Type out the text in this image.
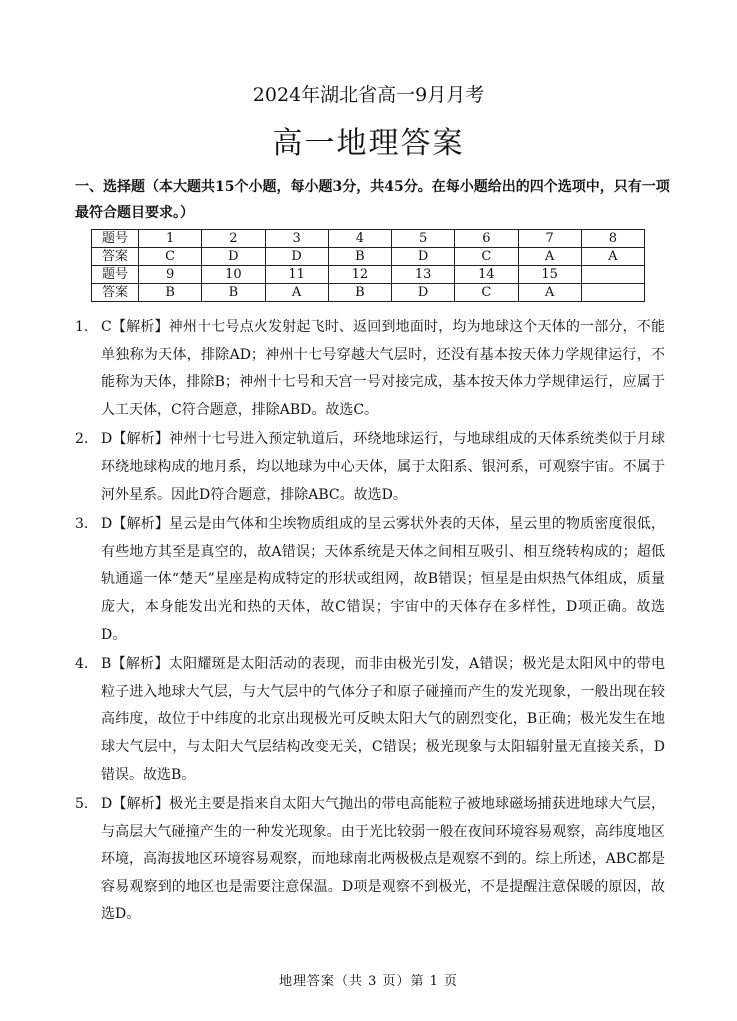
2024年湖北省高一9月月考
高一地理答案
一、选择题（本大题共15个小题，每小题3分，共45分。在每小题给出的四个选项中，只有一项最符合题目要求。）
题号	1	2	3	4	5	6	7	8
答案	C	D	D	B	D	C	A	A
题号	9	10	11	12	13	14	15	
答案	B	B	A	B	D	C	A	
1. C【解析】神州十七号点火发射起飞时、返回到地面时，均为地球这个天体的一部分，不能单独称为天体，排除AD；神州十七号穿越大气层时，还没有基本按天体力学规律运行，不能称为天体，排除B；神州十七号和天宫一号对接完成，基本按天体力学规律运行，应属于人工天体，C符合题意，排除ABD。故选C。
2. D【解析】神州十七号进入预定轨道后，环绕地球运行，与地球组成的天体系统类似于月球环绕地球构成的地月系，均以地球为中心天体，属于太阳系、银河系，可观察宇宙。不属于河外星系。因此D符合题意，排除ABC。故选D。
3. D【解析】星云是由气体和尘埃物质组成的呈云雾状外表的天体，星云里的物质密度很低，有些地方其至是真空的，故A错误；天体系统是天体之间相互吸引、相互绕转构成的；超低轨通遥一体“楚天”星座是构成特定的形状或组网，故B错误；恒星是由炽热气体组成，质量庞大，本身能发出光和热的天体，故C错误；宇宙中的天体存在多样性，D项正确。故选D。
4. B【解析】太阳耀斑是太阳活动的表现，而非由极光引发，A错误；极光是太阳风中的带电粒子进入地球大气层，与大气层中的气体分子和原子碰撞而产生的发光现象，一般出现在较高纬度，故位于中纬度的北京出现极光可反映太阳大气的剧烈变化，B正确；极光发生在地球大气层中，与太阳大气层结构改变无关，C错误；极光现象与太阳辐射量无直接关系，D错误。故选B。
5. D【解析】极光主要是指来自太阳大气抛出的带电高能粒子被地球磁场捕获进地球大气层，与高层大气碰撞产生的一种发光现象。由于光比较弱一般在夜间环境容易观察，高纬度地区环境，高海拔地区环境容易观察，而地球南北两极极点是观察不到的。综上所述，ABC都是容易观察到的地区也是需要注意保温。D项是观察不到极光，不是提醒注意保暖的原因，故选D。
地理答案（共 3 页）第 1 页
